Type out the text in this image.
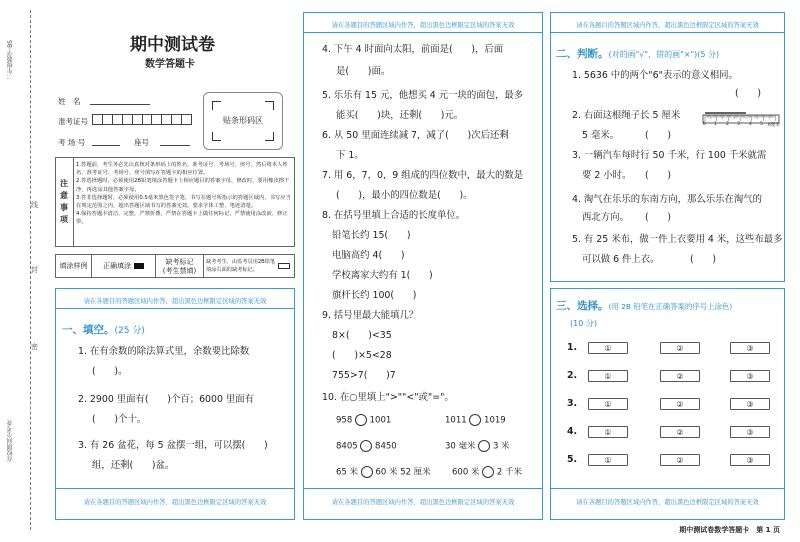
二年级数学·BS
在校期间全考查
线
封
密
期中测试卷
数学答题卡
姓　名
准考证号
考 场 号	座号
贴条形码区
注意事项
1.答题前，考生务必先认真核对条形码上的姓名、准考证号、考场号、座号，然后将本人姓名、准考证号、考场号、座号填写在答题卡的相应位置。
2.答选择题时，必须使用2B铅笔填涂答题卡上相应题目的答案字母，修改时，要用橡皮擦干净，再选涂其他答案字母。
3.答非选择题时，必须使用0.5毫米黑色签字笔，书写在题号所指示的答题区域内，书写应当在规定范围之内，超出答题区域书写的答案无效。要求字体工整、笔迹清楚。
4.保持答题卡清洁、完整，严禁折叠、严禁在答题卡上做任何标记，严禁使用涂改液、修正带。
填涂样例	正确填涂	缺考标记
(考生禁填)
缺考考生，由监考员用2B铅笔填涂右面的缺考标记。
请在各题目的答题区域内作答，超出黑色边框限定区域的答案无效
一、填空。(25 分)
1. 在有余数的除法算式里，余数要比除数
(　　)。
2. 2900 里面有(　　)个百；6000 里面有
(　　)个十。
3. 有 26 盆花，每 5 盆摆一组，可以摆(　　)
组，还剩(　　)盆。
请在各题目的答题区域内作答，超出黑色边框限定区域的答案无效
请在各题目的答题区域内作答，超出黑色边框限定区域的答案无效
4. 下午 4 时面向太阳，前面是(　　)，后面
是(　　)面。
5. 乐乐有 15 元，他想买 4 元一块的面包，最多
能买(　　)块，还剩(　　)元。
6. 从 50 里面连续减 7，减了(　　)次后还剩
下 1。
7. 用 6，7，0，9 组成的四位数中，最大的数是
(　　)，最小的四位数是(　　)。
8. 在括号里填上合适的长度单位。
铅笔长约 15(　　)
电脑高约 4(　　)
学校离家大约有 1(　　)
旗杆长约 100(　　)
9. 括号里最大能填几？
8×(　　)<35
(　　)×5<28
755>7(　　)7
10. 在○里填上">""<"或"="。
958 1001	1011 1019
8405 8450	30 毫米 3 米
65 米 60 米 52 厘米	600 米 2 千米
请在各题目的答题区域内作答，超出黑色边框限定区域的答案无效
请在各题目的答题区域内作答，超出黑色边框限定区域的答案无效
二、判断。(对的画"√"，错的画"×")(5 分)
1. 5636 中的两个"6"表示的意义相同。
(　　)
2. 右面这根绳子长 5 厘米
5 毫米。	(　　)
0 1 2 3 4 5 6厘米
3. 一辆汽车每时行 50 千米，行 100 千米就需
要 2 小时。 (　　)
4. 淘气在乐乐的东南方向，那么乐乐在淘气的
西北方向。 (　　)
5. 有 25 米布，做一件上衣要用 4 米，这些布最多
可以做 6 件上衣。	(　　)
三、选择。(用 2B 铅笔在正确答案的序号上涂色)
(10 分)
1.	①	②	③
2.	①	②	③
3.	①	②	③
4.	①	②	③
5.	①	②	③
请在各题目的答题区域内作答，超出黑色边框限定区域的答案无效
期中测试卷数学答题卡　第 1 页
